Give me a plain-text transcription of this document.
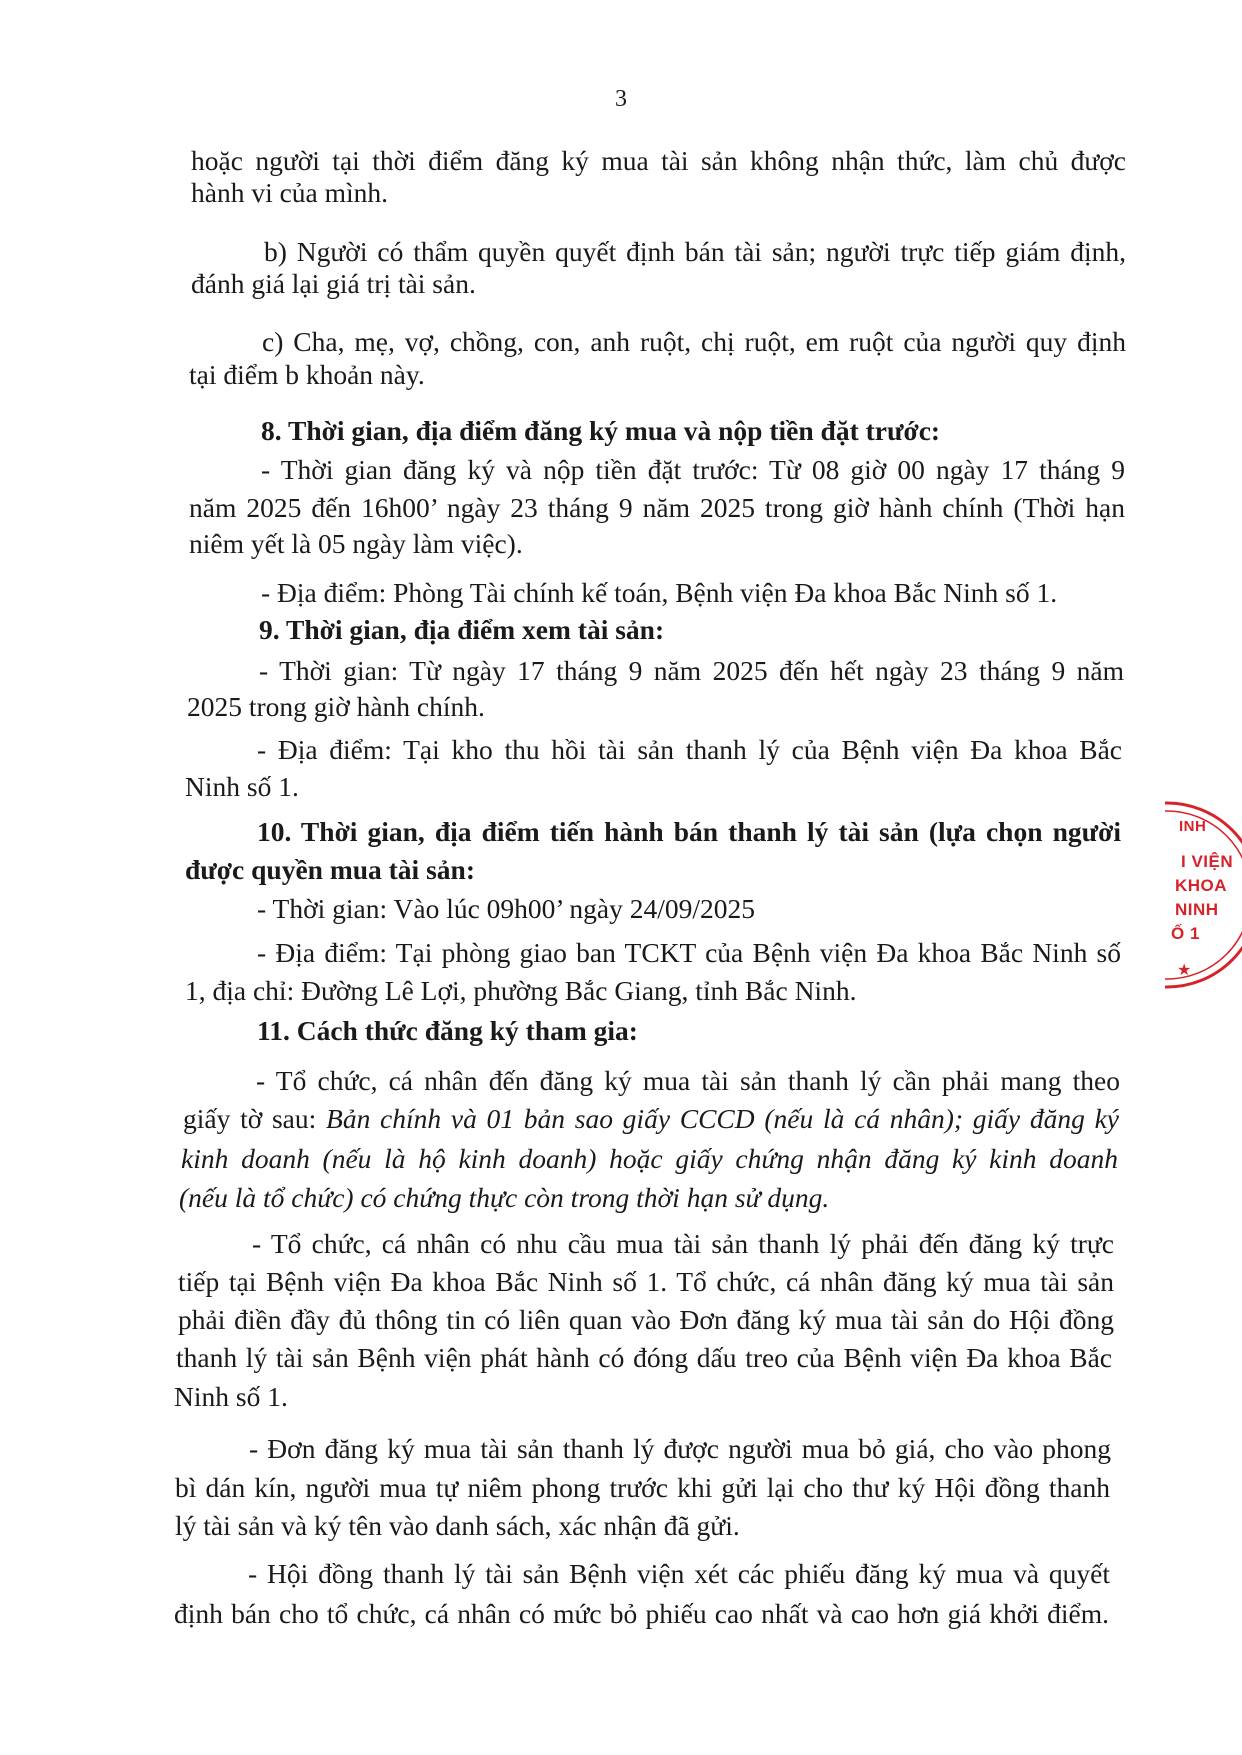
3
hoặc người tại thời điểm đăng ký mua tài sản không nhận thức, làm chủ được
hành vi của mình.
b) Người có thẩm quyền quyết định bán tài sản; người trực tiếp giám định,
đánh giá lại giá trị tài sản.
c) Cha, mẹ, vợ, chồng, con, anh ruột, chị ruột, em ruột của người quy định
tại điểm b khoản này.
8. Thời gian, địa điểm đăng ký mua và nộp tiền đặt trước:
- Thời gian đăng ký và nộp tiền đặt trước: Từ 08 giờ 00 ngày 17 tháng 9
năm 2025 đến 16h00’ ngày 23 tháng 9 năm 2025 trong giờ hành chính (Thời hạn
niêm yết là 05 ngày làm việc).
- Địa điểm: Phòng Tài chính kế toán, Bệnh viện Đa khoa Bắc Ninh số 1.
9. Thời gian, địa điểm xem tài sản:
- Thời gian: Từ ngày 17 tháng 9 năm 2025 đến hết ngày 23 tháng 9 năm
2025 trong giờ hành chính.
- Địa điểm: Tại kho thu hồi tài sản thanh lý của Bệnh viện Đa khoa Bắc
Ninh số 1.
10. Thời gian, địa điểm tiến hành bán thanh lý tài sản (lựa chọn người
được quyền mua tài sản:
- Thời gian: Vào lúc 09h00’ ngày 24/09/2025
- Địa điểm: Tại phòng giao ban TCKT của Bệnh viện Đa khoa Bắc Ninh số
1, địa chỉ: Đường Lê Lợi, phường Bắc Giang, tỉnh Bắc Ninh.
11. Cách thức đăng ký tham gia:
- Tổ chức, cá nhân đến đăng ký mua tài sản thanh lý cần phải mang theo
giấy tờ sau: Bản chính và 01 bản sao giấy CCCD (nếu là cá nhân); giấy đăng ký
kinh doanh (nếu là hộ kinh doanh) hoặc giấy chứng nhận đăng ký kinh doanh
(nếu là tổ chức) có chứng thực còn trong thời hạn sử dụng.
- Tổ chức, cá nhân có nhu cầu mua tài sản thanh lý phải đến đăng ký trực
tiếp tại Bệnh viện Đa khoa Bắc Ninh số 1. Tổ chức, cá nhân đăng ký mua tài sản
phải điền đầy đủ thông tin có liên quan vào Đơn đăng ký mua tài sản do Hội đồng
thanh lý tài sản Bệnh viện phát hành có đóng dấu treo của Bệnh viện Đa khoa Bắc
Ninh số 1.
- Đơn đăng ký mua tài sản thanh lý được người mua bỏ giá, cho vào phong
bì dán kín, người mua tự niêm phong trước khi gửi lại cho thư ký Hội đồng thanh
lý tài sản và ký tên vào danh sách, xác nhận đã gửi.
- Hội đồng thanh lý tài sản Bệnh viện xét các phiếu đăng ký mua và quyết
định bán cho tổ chức, cá nhân có mức bỏ phiếu cao nhất và cao hơn giá khởi điểm.
INH
I VIỆN
KHOA
NINH
Ố 1
★
